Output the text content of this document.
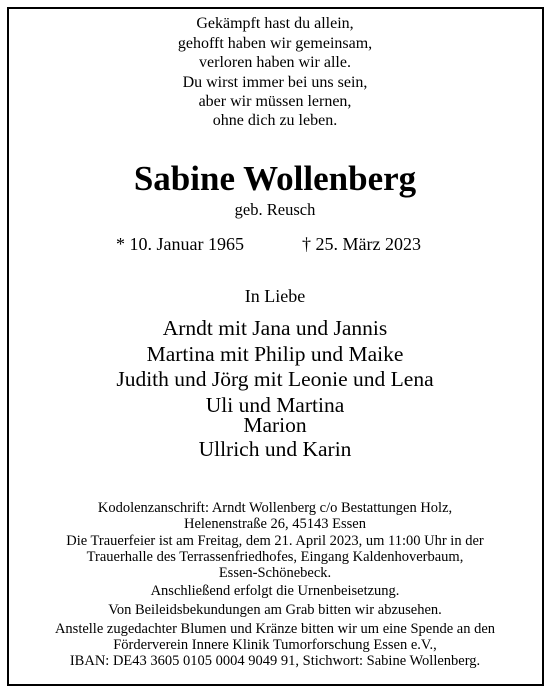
Gekämpft hast du allein,
gehofft haben wir gemeinsam,
verloren haben wir alle.
Du wirst immer bei uns sein,
aber wir müssen lernen,
ohne dich zu leben.
Sabine Wollenberg
geb. Reusch
* 10. Januar 1965	† 25. März 2023
In Liebe
Arndt mit Jana und Jannis
Martina mit Philip und Maike
Judith und Jörg mit Leonie und Lena
Uli und Martina
Marion
Ullrich und Karin
Kodolenzanschrift: Arndt Wollenberg c/o Bestattungen Holz,
Helenenstraße 26, 45143 Essen
Die Trauerfeier ist am Freitag, dem 21. April 2023, um 11:00 Uhr in der
Trauerhalle des Terrassenfriedhofes, Eingang Kaldenhoverbaum,
Essen-Schönebeck.
Anschließend erfolgt die Urnenbeisetzung.
Von Beileidsbekundungen am Grab bitten wir abzusehen.
Anstelle zugedachter Blumen und Kränze bitten wir um eine Spende an den
Förderverein Innere Klinik Tumorforschung Essen e.V.,
IBAN: DE43 3605 0105 0004 9049 91, Stichwort: Sabine Wollenberg.
